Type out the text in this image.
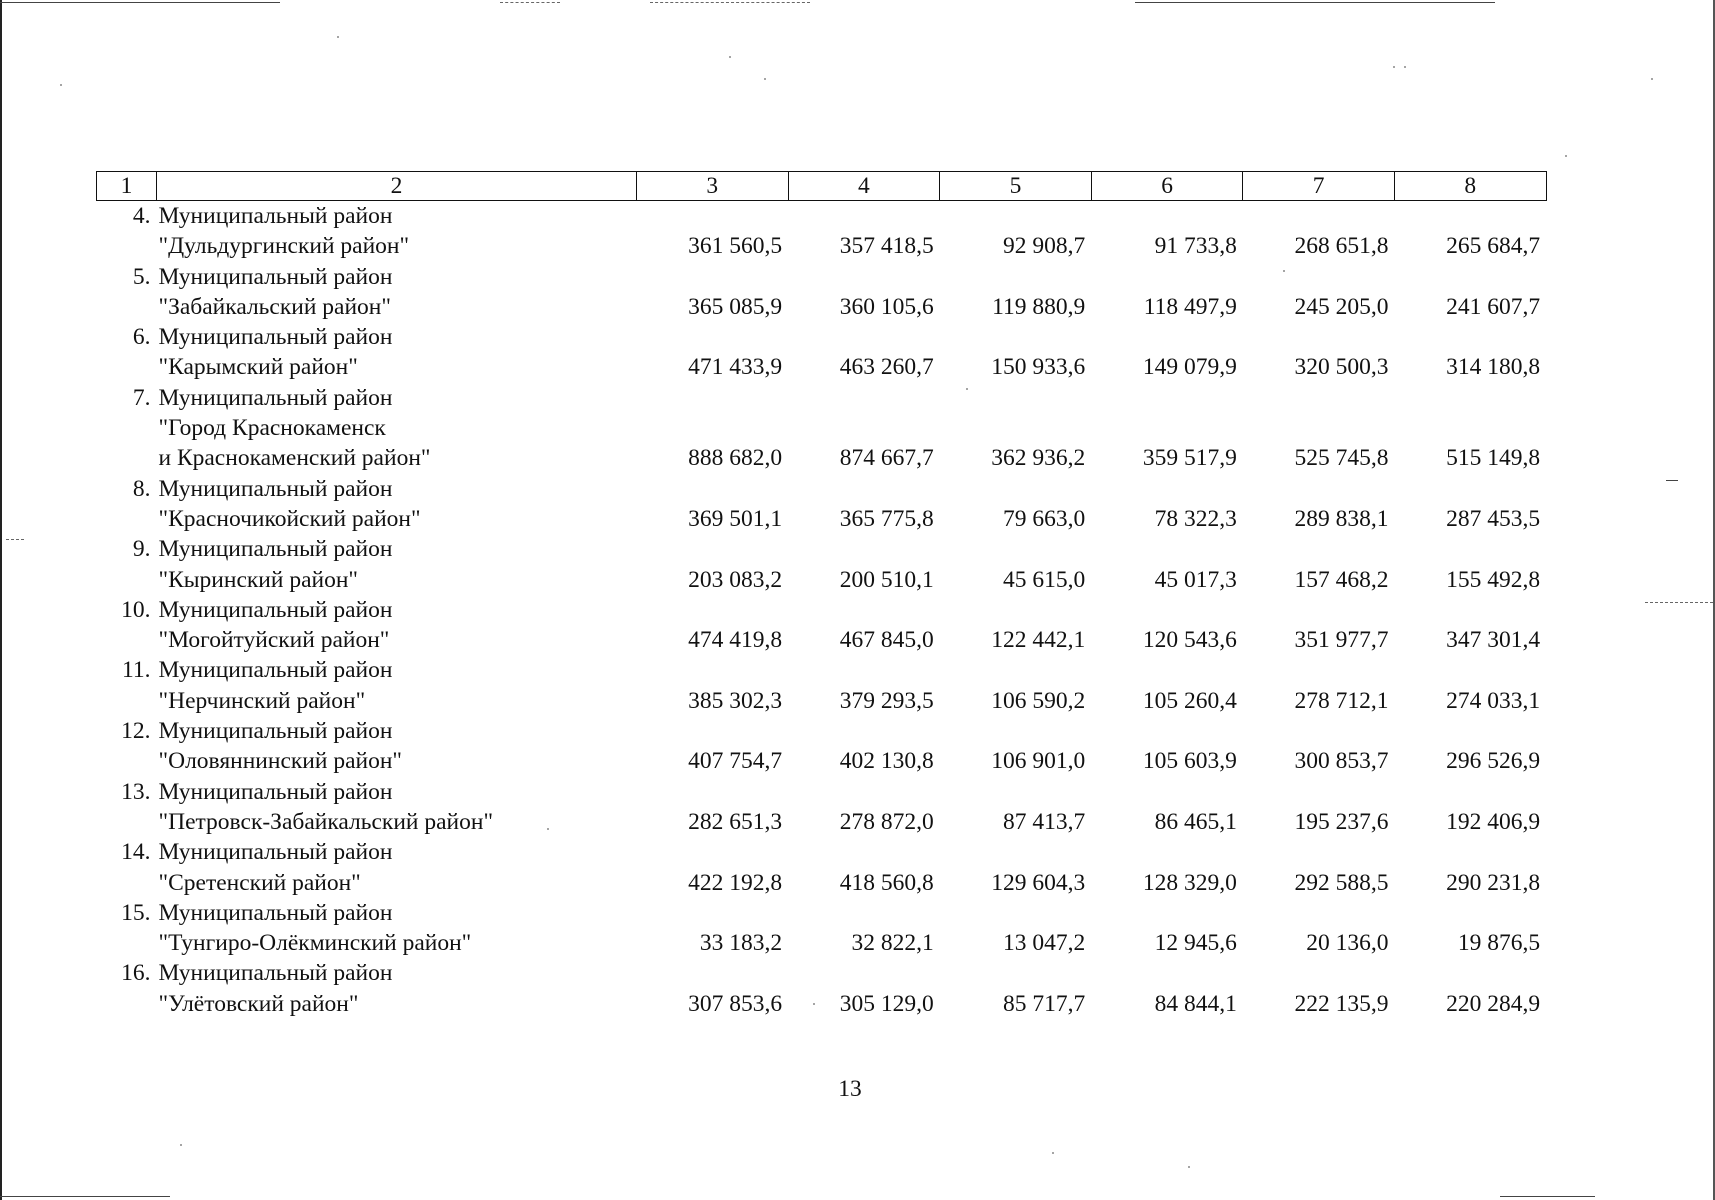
1	2	3	4	5	6	7	8
4.	Муниципальный район
"Дульдургинский район"	361 560,5	357 418,5	92 908,7	91 733,8	268 651,8	265 684,7
5.	Муниципальный район
"Забайкальский район"	365 085,9	360 105,6	119 880,9	118 497,9	245 205,0	241 607,7
6.	Муниципальный район
"Карымский район"	471 433,9	463 260,7	150 933,6	149 079,9	320 500,3	314 180,8
7.	Муниципальный район
"Город Краснокаменск
и Краснокаменский район"	888 682,0	874 667,7	362 936,2	359 517,9	525 745,8	515 149,8
8.	Муниципальный район
"Красночикойский район"	369 501,1	365 775,8	79 663,0	78 322,3	289 838,1	287 453,5
9.	Муниципальный район
"Кыринский район"	203 083,2	200 510,1	45 615,0	45 017,3	157 468,2	155 492,8
10.	Муниципальный район
"Могойтуйский район"	474 419,8	467 845,0	122 442,1	120 543,6	351 977,7	347 301,4
11.	Муниципальный район
"Нерчинский район"	385 302,3	379 293,5	106 590,2	105 260,4	278 712,1	274 033,1
12.	Муниципальный район
"Оловяннинский район"	407 754,7	402 130,8	106 901,0	105 603,9	300 853,7	296 526,9
13.	Муниципальный район
"Петровск-Забайкальский район"	282 651,3	278 872,0	87 413,7	86 465,1	195 237,6	192 406,9
14.	Муниципальный район
"Сретенский район"	422 192,8	418 560,8	129 604,3	128 329,0	292 588,5	290 231,8
15.	Муниципальный район
"Тунгиро-Олёкминский район"	33 183,2	32 822,1	13 047,2	12 945,6	20 136,0	19 876,5
16.	Муниципальный район
"Улётовский район"	307 853,6	305 129,0	85 717,7	84 844,1	222 135,9	220 284,9
13
